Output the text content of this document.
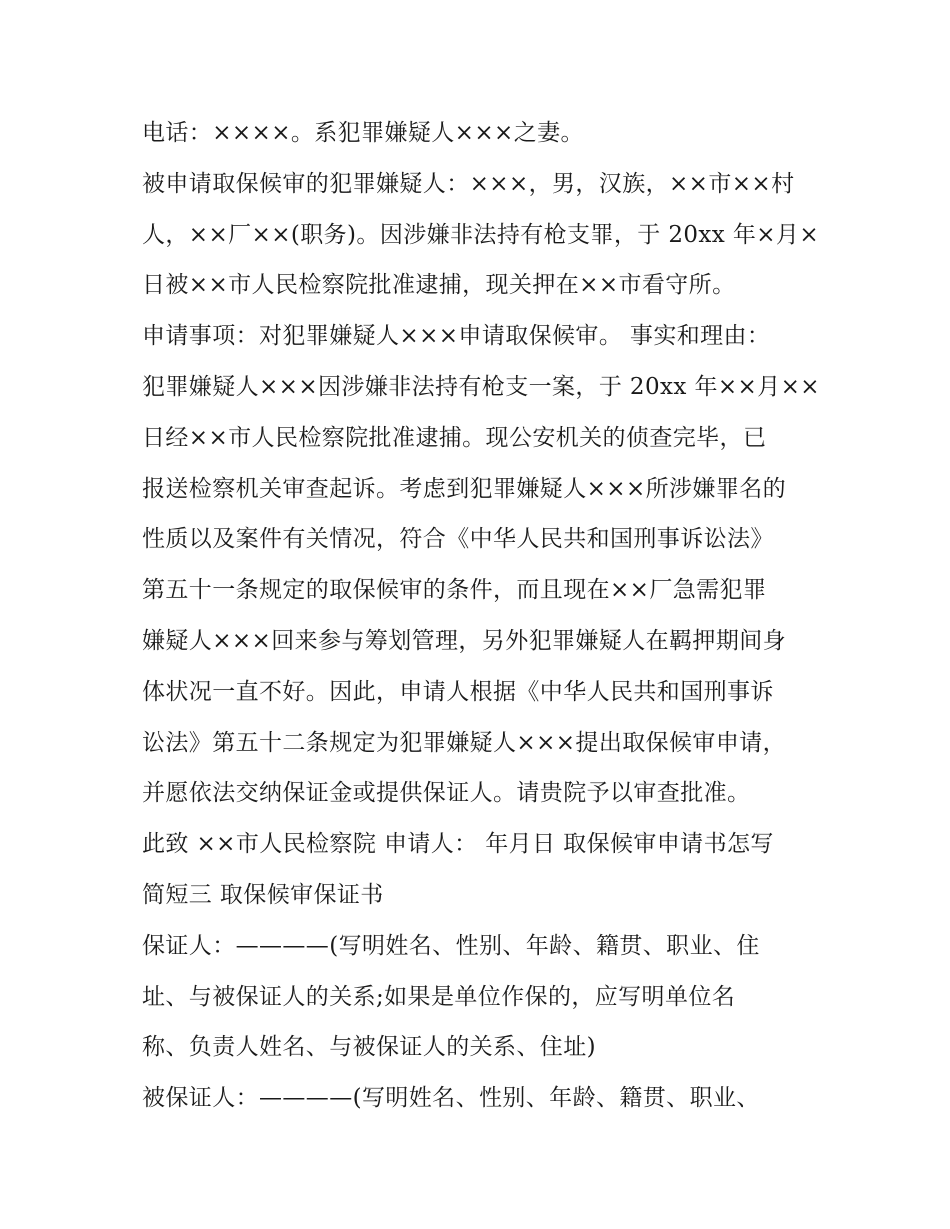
电话：××××。系犯罪嫌疑人×××之妻。
被申请取保候审的犯罪嫌疑人：×××，男，汉族，××市××村
人，××厂××(职务)。因涉嫌非法持有枪支罪，于 20xx 年×月×
日被××市人民检察院批准逮捕，现关押在××市看守所。
申请事项：对犯罪嫌疑人×××申请取保候审。 事实和理由：
犯罪嫌疑人×××因涉嫌非法持有枪支一案，于 20xx 年××月××
日经××市人民检察院批准逮捕。现公安机关的侦查完毕，已
报送检察机关审查起诉。考虑到犯罪嫌疑人×××所涉嫌罪名的
性质以及案件有关情况，符合《中华人民共和国刑事诉讼法》
第五十一条规定的取保候审的条件，而且现在××厂急需犯罪
嫌疑人×××回来参与筹划管理，另外犯罪嫌疑人在羁押期间身
体状况一直不好。因此，申请人根据《中华人民共和国刑事诉
讼法》第五十二条规定为犯罪嫌疑人×××提出取保候审申请，
并愿依法交纳保证金或提供保证人。请贵院予以审查批准。
此致 ××市人民检察院 申请人： 年月日 取保候审申请书怎写
简短三 取保候审保证书
保证人：————(写明姓名、性别、年龄、籍贯、职业、住
址、与被保证人的关系;如果是单位作保的，应写明单位名
称、负责人姓名、与被保证人的关系、住址)
被保证人：————(写明姓名、性别、年龄、籍贯、职业、
